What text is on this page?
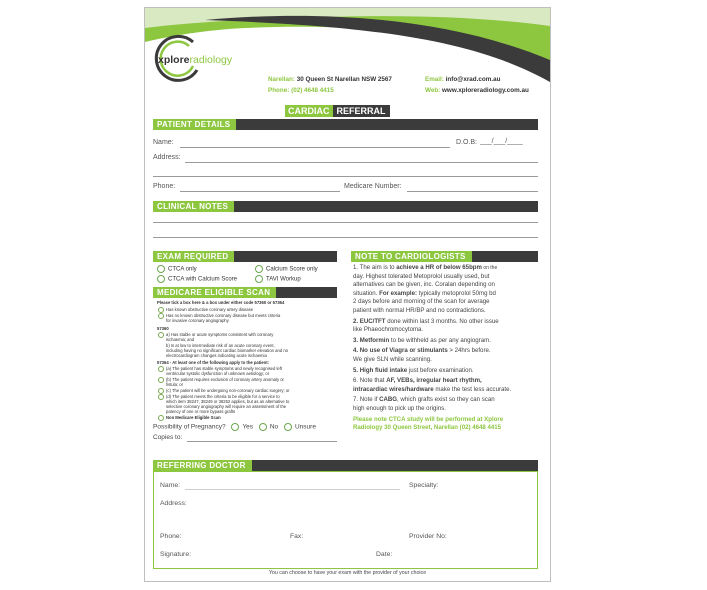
xploreradiology
Narellan: 30 Queen St Narellan NSW 2567
Phone: (02) 4648 4415
Email: info@xrad.com.au
Web: www.xploreradiology.com.au
CARDIAC REFERRAL
PATIENT DETAILS
Name:	D.O.B: ___/___/____
Address:
Phone:	Medicare Number:
CLINICAL NOTES
EXAM REQUIRED
CTCA only	Calcium Score only
CTCA with Calcium Score	TAVI Workup
MEDICARE ELIGIBLE SCAN
Please tick a box here & a box under either code 57360 or 57364
Has known obstructive coronary artery disease
Has no known obstructive coronary disease but meets criteria
for invasive coronary angiography
57360
a) Has stable or acute symptoms consistent with coronary
ischaemia; and
b) Is at low to intermediate risk of an acute coronary event,
including having no significant cardiac biomarker elevation and no
electrocardiogram changes indicating acute ischaemia
57364 - At least one of the following apply to the patient:
(a) The patient has stable symptoms and newly recognised left
ventricular systolic dysfunction of unknown aetiology; or
(b) The patient requires exclusion of coronary artery anomaly or
fistula; or
(c) The patient will be undergoing non-coronary cardiac surgery; or
(d) The patient meets the criteria to be eligible for a service to
which item 38247, 38249 or 38252 applies, but as an alternative to
selective coronary angiography will require an assessment of the
patency of one or more bypass grafts
Non Medicare Eligible Scan
Possibility of Pregnancy?	Yes	No	Unsure
Copies to:
NOTE TO CARDIOLOGISTS
1. The aim is to achieve a HR of below 65bpm on the
day. Highest tolerated Metoprolol usually used, but
alternatives can be given, inc. Coralan depending on
situation. For example: typically metoprolol 50mg bd
2 days before and morning of the scan for average
patient with normal HR/BP and no contradictions.
2. EUC/TFT done within last 3 months. No other issue
like Phaeochromocytoma.
3. Metformin to be withheld as per any angiogram.
4. No use of Viagra or stimulants > 24hrs before.
We give SLN while scanning.
5. High fluid intake just before examination.
6. Note that AF, VEBs, irregular heart rhythm,
intracardiac wires/hardware make the test less accurate.
7. Note if CABG, which grafts exist so they can scan
high enough to pick up the origins.
Please note CTCA study will be performed at Xplore
Radiology 30 Queen Street, Narellan (02) 4648 4415
REFERRING DOCTOR
Name:	Specialty:
Address:
Phone:	Fax:	Provider No:
Signature:	Date:
You can choose to have your exam with the provider of your choice
